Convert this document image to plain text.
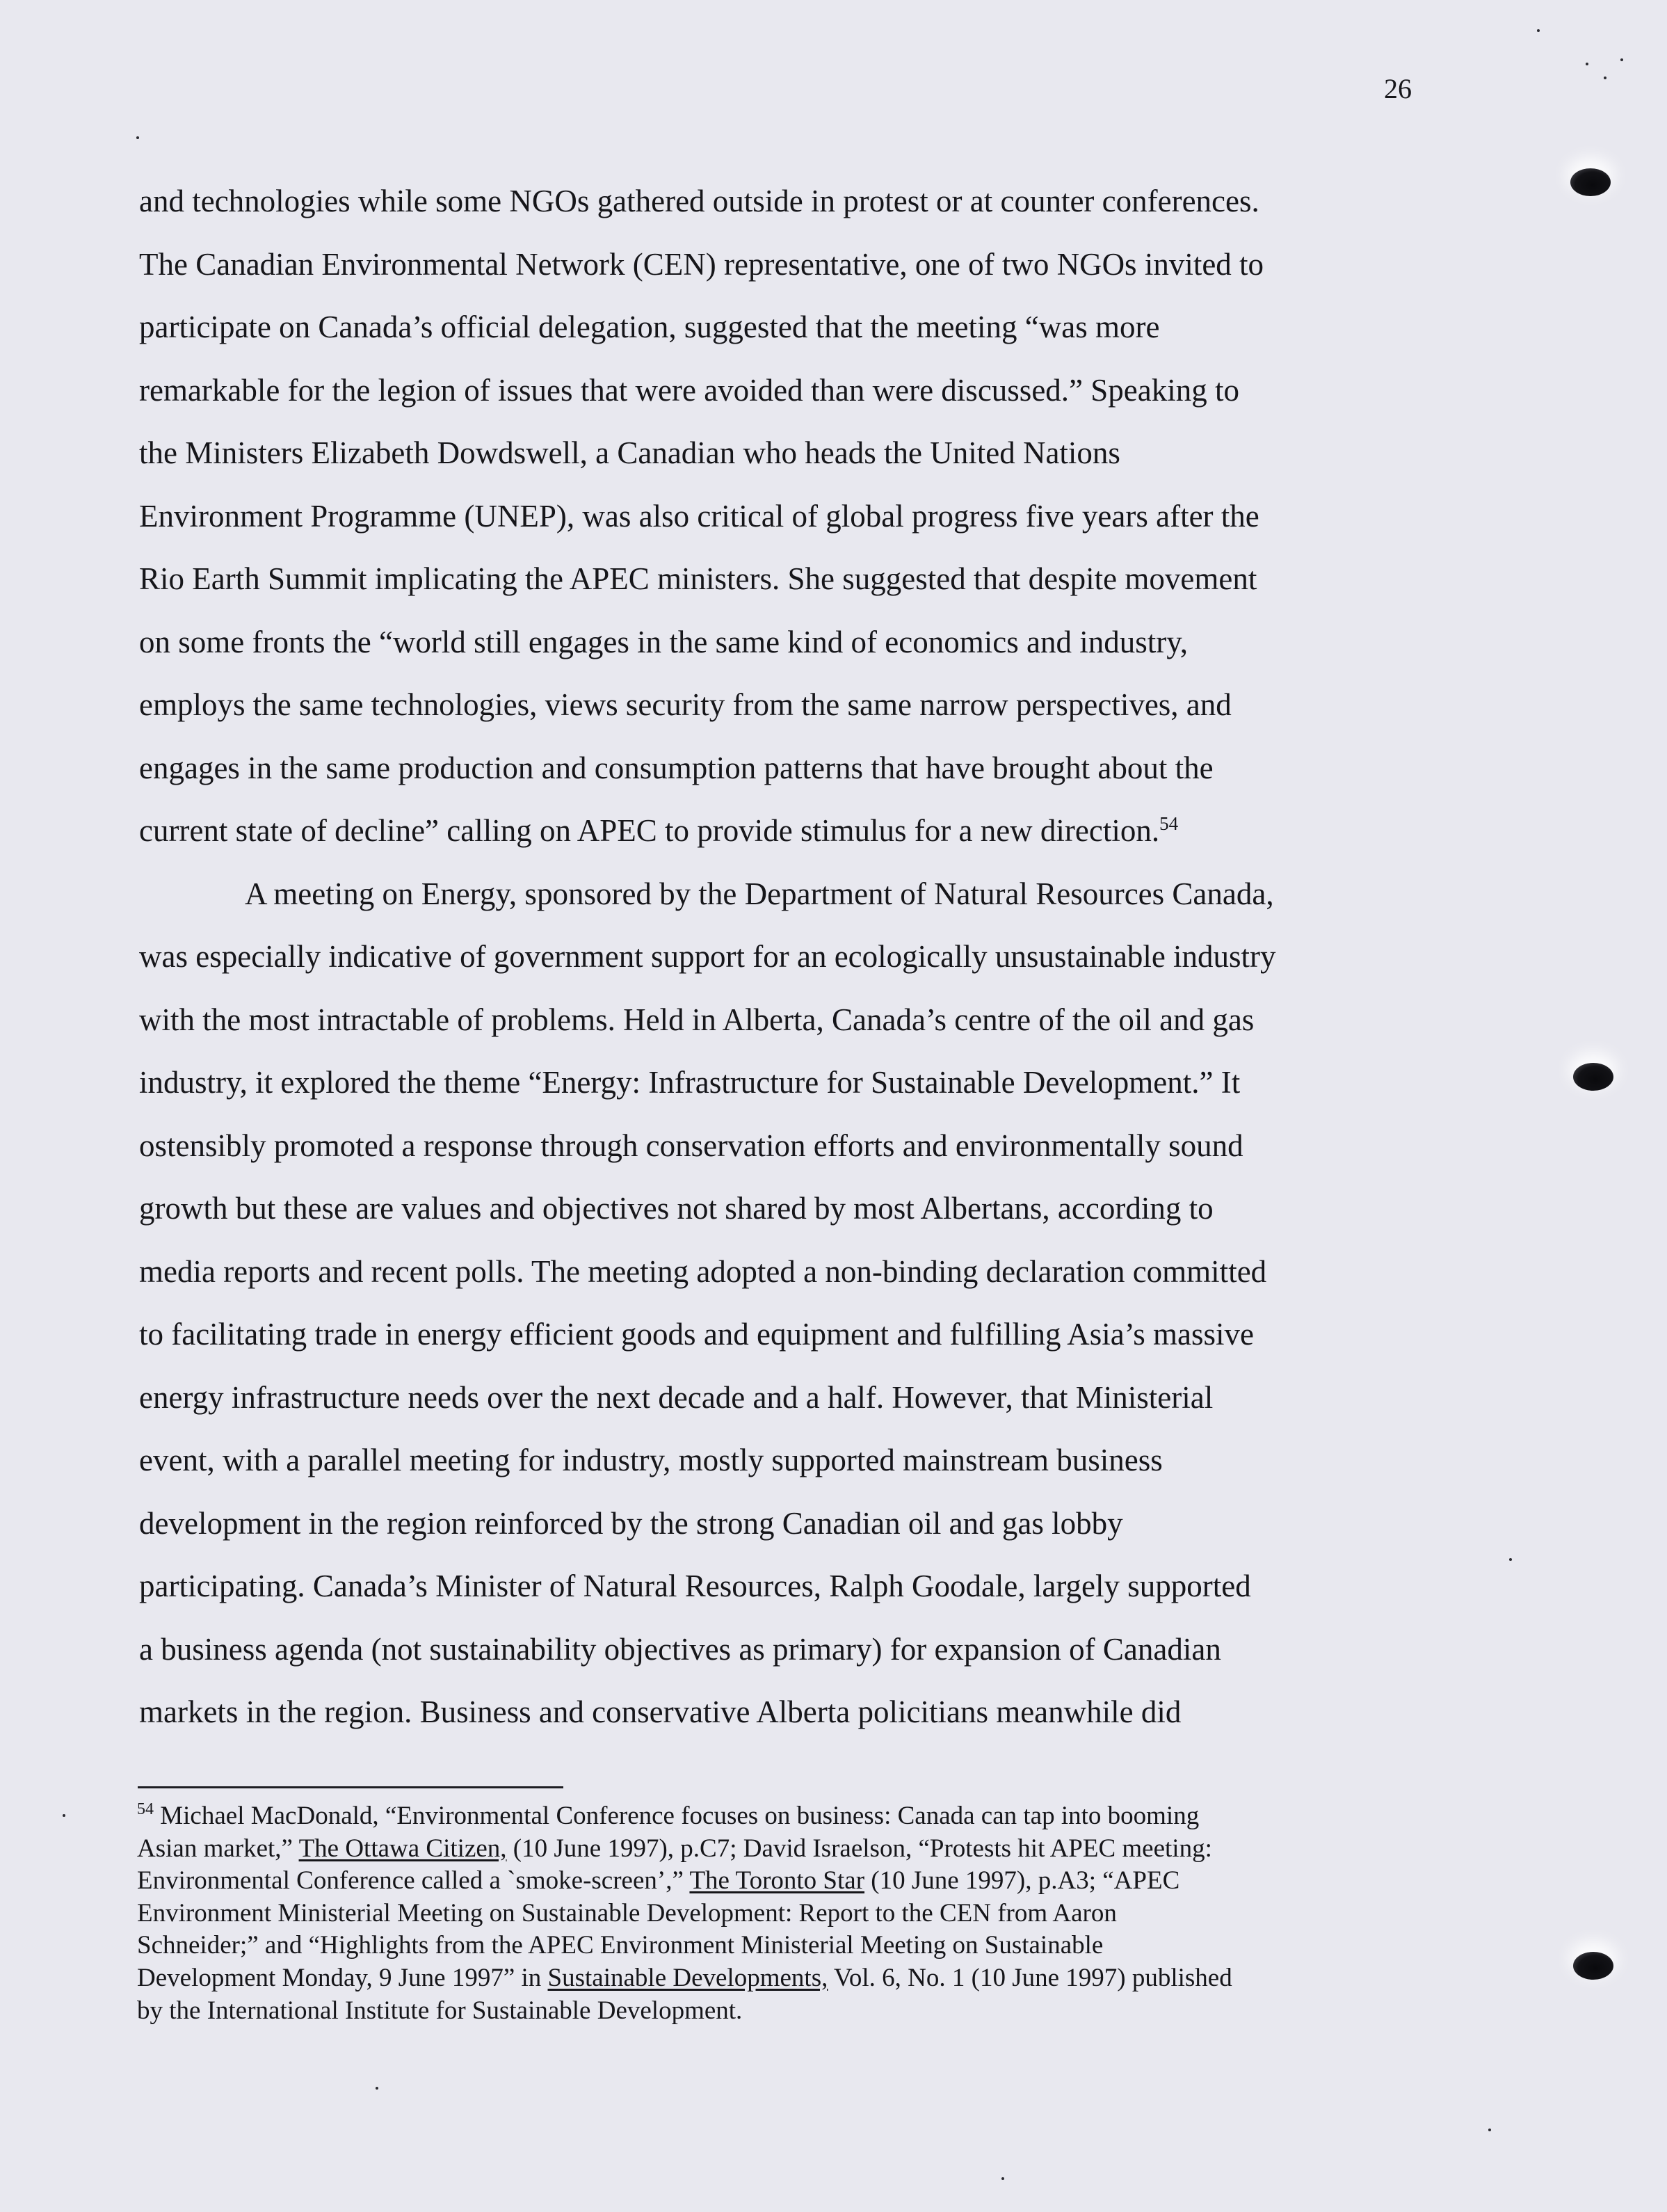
26

and technologies while some NGOs gathered outside in protest or at counter conferences.
The Canadian Environmental Network (CEN) representative, one of two NGOs invited to
participate on Canada’s official delegation, suggested that the meeting “was more
remarkable for the legion of issues that were avoided than were discussed.” Speaking to
the Ministers Elizabeth Dowdswell, a Canadian who heads the United Nations
Environment Programme (UNEP), was also critical of global progress five years after the
Rio Earth Summit implicating the APEC ministers. She suggested that despite movement
on some fronts the “world still engages in the same kind of economics and industry,
employs the same technologies, views security from the same narrow perspectives, and
engages in the same production and consumption patterns that have brought about the
current state of decline” calling on APEC to provide stimulus for a new direction.$^{54}$

A meeting on Energy, sponsored by the Department of Natural Resources Canada,
was especially indicative of government support for an ecologically unsustainable industry
with the most intractable of problems. Held in Alberta, Canada’s centre of the oil and gas
industry, it explored the theme “Energy: Infrastructure for Sustainable Development.” It
ostensibly promoted a response through conservation efforts and environmentally sound
growth but these are values and objectives not shared by most Albertans, according to
media reports and recent polls. The meeting adopted a non-binding declaration committed
to facilitating trade in energy efficient goods and equipment and fulfilling Asia’s massive
energy infrastructure needs over the next decade and a half. However, that Ministerial
event, with a parallel meeting for industry, mostly supported mainstream business
development in the region reinforced by the strong Canadian oil and gas lobby
participating. Canada’s Minister of Natural Resources, Ralph Goodale, largely supported
a business agenda (not sustainability objectives as primary) for expansion of Canadian
markets in the region. Business and conservative Alberta policitians meanwhile did

$^{54}$ Michael MacDonald, “Environmental Conference focuses on business: Canada can tap into booming
Asian market,” The Ottawa Citizen, (10 June 1997), p.C7; David Israelson, “Protests hit APEC meeting:
Environmental Conference called a `smoke-screen’,” The Toronto Star (10 June 1997), p.A3; “APEC
Environment Ministerial Meeting on Sustainable Development: Report to the CEN from Aaron
Schneider;” and “Highlights from the APEC Environment Ministerial Meeting on Sustainable
Development Monday, 9 June 1997” in Sustainable Developments, Vol. 6, No. 1 (10 June 1997) published
by the International Institute for Sustainable Development.
